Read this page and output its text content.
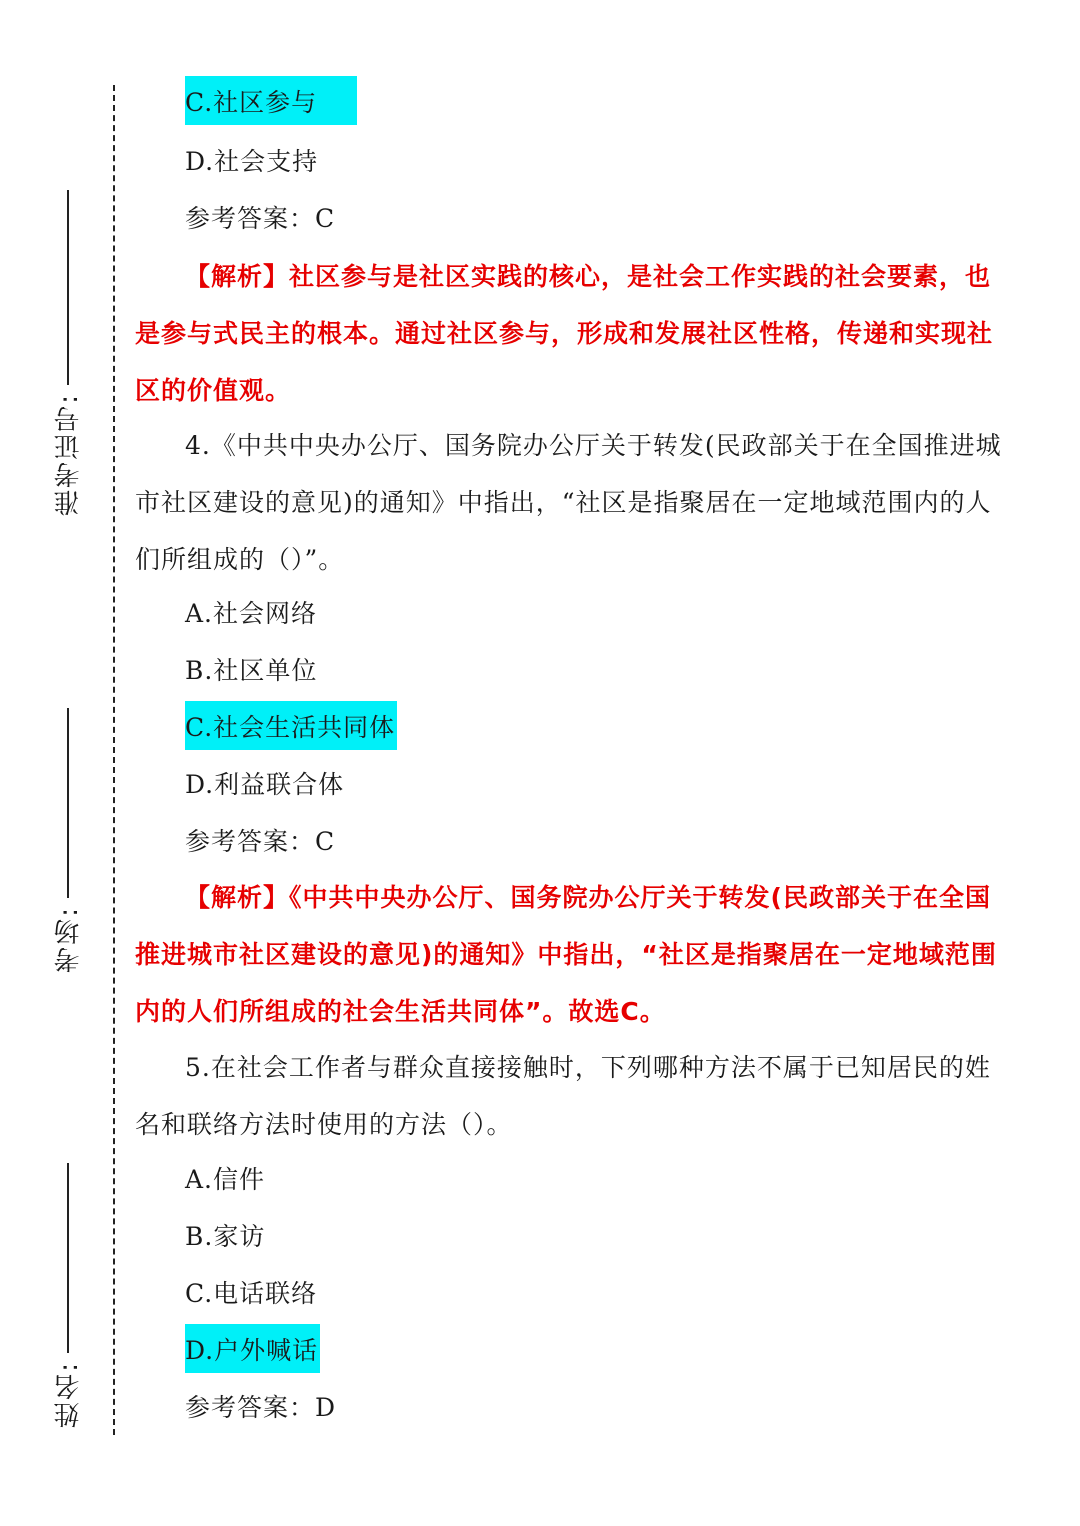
准考证号:
考场:
姓名:
C.社区参与
D.社会支持
参考答案：C
【解析】社区参与是社区实践的核心，是社会工作实践的社会要素，也是参与式民主的根本。通过社区参与，形成和发展社区性格，传递和实现社区的价值观。
4.《中共中央办公厅、国务院办公厅关于转发(民政部关于在全国推进城市社区建设的意见)的通知》中指出，“社区是指聚居在一定地域范围内的人们所组成的（）”。
A.社会网络
B.社区单位
C.社会生活共同体
D.利益联合体
参考答案：C
【解析】《中共中央办公厅、国务院办公厅关于转发(民政部关于在全国推进城市社区建设的意见)的通知》中指出，“社区是指聚居在一定地域范围内的人们所组成的社会生活共同体”。故选C。
5.在社会工作者与群众直接接触时，下列哪种方法不属于已知居民的姓名和联络方法时使用的方法（）。
A.信件
B.家访
C.电话联络
D.户外喊话
参考答案：D
